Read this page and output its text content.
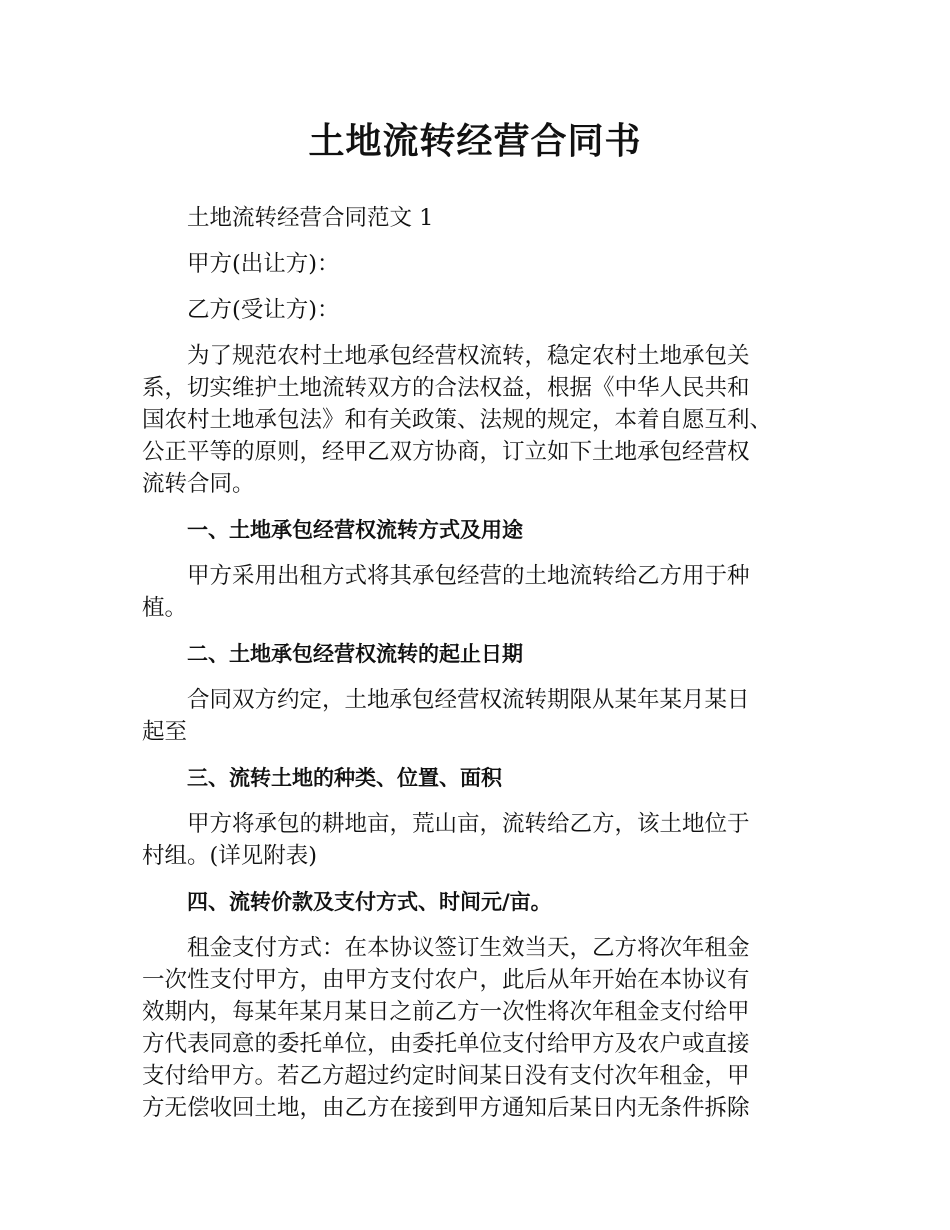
土地流转经营合同书

土地流转经营合同范文 1

甲方(出让方)：

乙方(受让方)：

为了规范农村土地承包经营权流转，稳定农村土地承包关
系，切实维护土地流转双方的合法权益，根据《中华人民共和
国农村土地承包法》和有关政策、法规的规定，本着自愿互利、
公正平等的原则，经甲乙双方协商，订立如下土地承包经营权
流转合同。
一、土地承包经营权流转方式及用途
甲方采用出租方式将其承包经营的土地流转给乙方用于种
植。
二、土地承包经营权流转的起止日期
合同双方约定，土地承包经营权流转期限从某年某月某日
起至
三、流转土地的种类、位置、面积
甲方将承包的耕地亩，荒山亩，流转给乙方，该土地位于
村组。(详见附表)
四、流转价款及支付方式、时间元/亩。
租金支付方式：在本协议签订生效当天，乙方将次年租金
一次性支付甲方，由甲方支付农户，此后从年开始在本协议有
效期内，每某年某月某日之前乙方一次性将次年租金支付给甲
方代表同意的委托单位，由委托单位支付给甲方及农户或直接
支付给甲方。若乙方超过约定时间某日没有支付次年租金，甲
方无偿收回土地，由乙方在接到甲方通知后某日内无条件拆除
